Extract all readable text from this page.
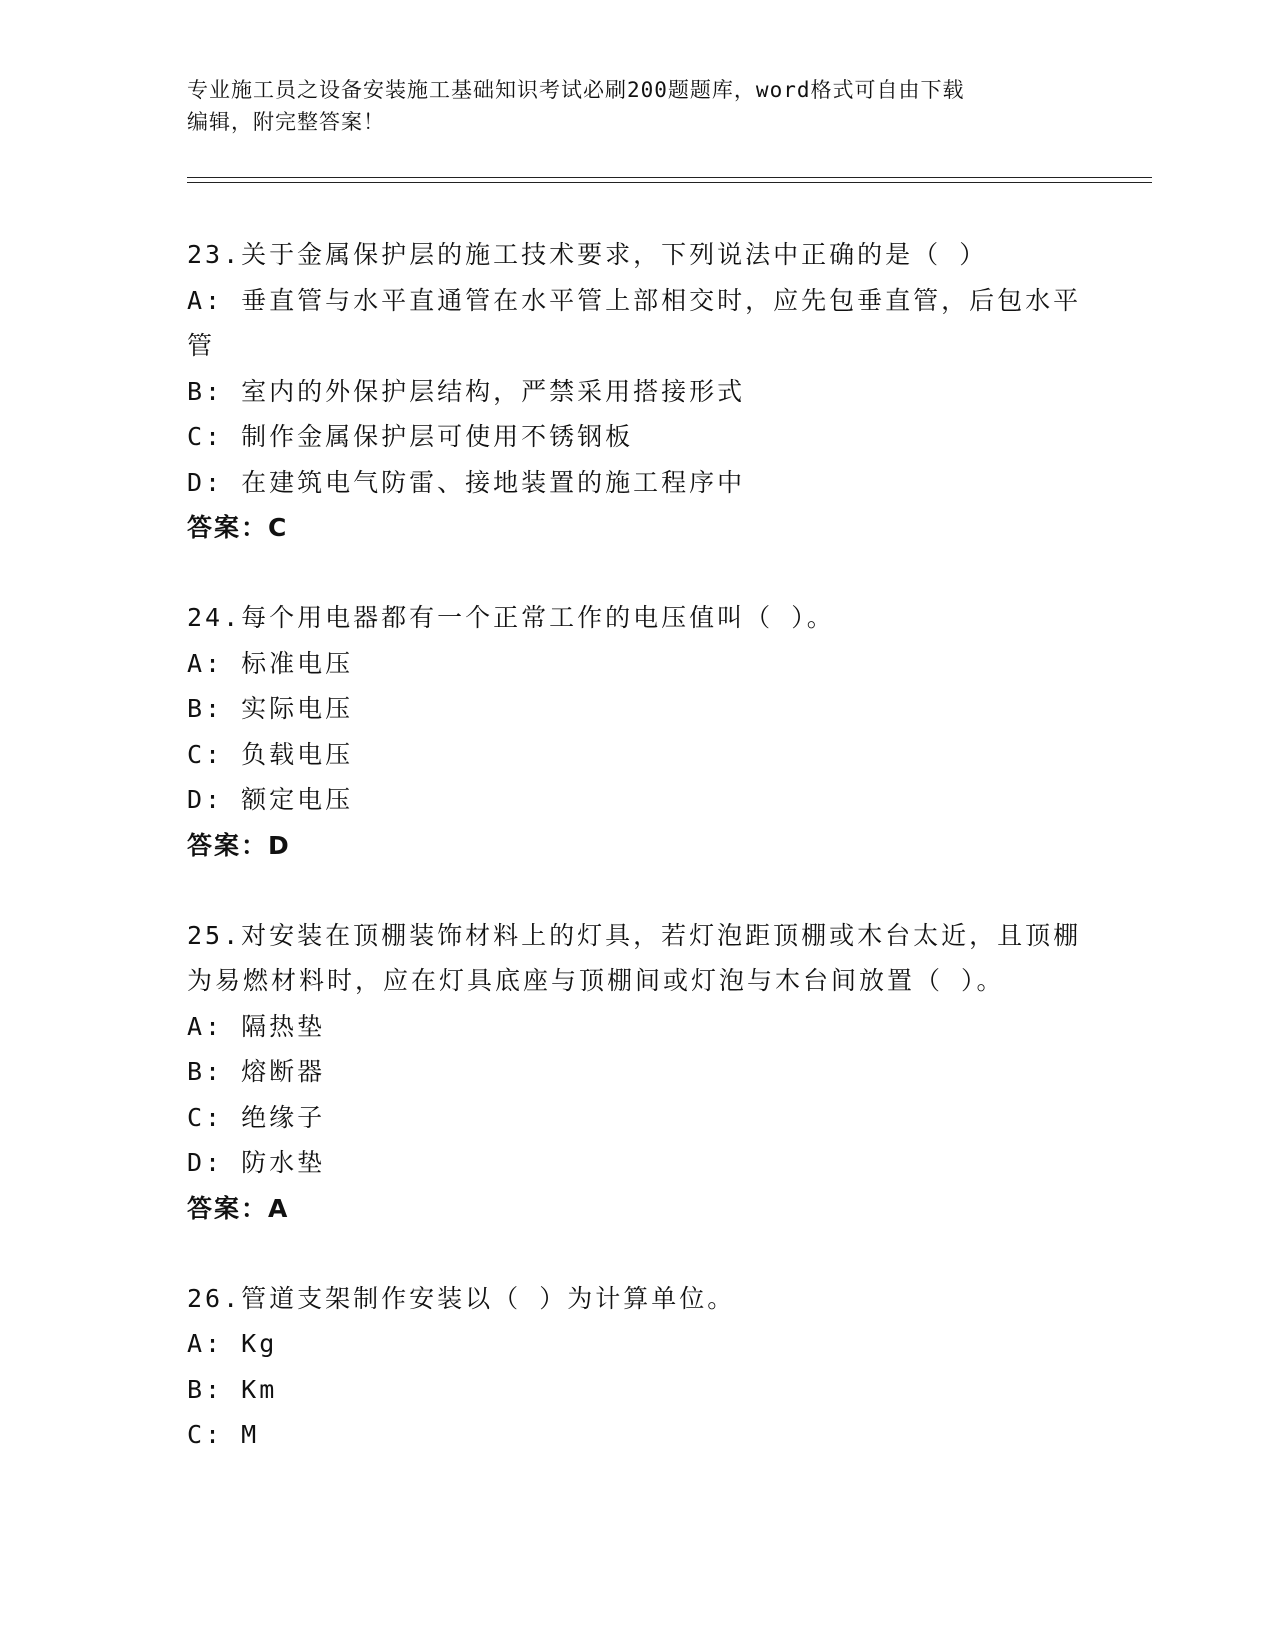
专业施工员之设备安装施工基础知识考试必刷200题题库，word格式可自由下载
编辑，附完整答案！
23.关于金属保护层的施工技术要求，下列说法中正确的是（ ）
A: 垂直管与水平直通管在水平管上部相交时，应先包垂直管，后包水平管
B: 室内的外保护层结构，严禁采用搭接形式
C: 制作金属保护层可使用不锈钢板
D: 在建筑电气防雷、接地装置的施工程序中
答案：C
24.每个用电器都有一个正常工作的电压值叫（ ）。
A: 标准电压
B: 实际电压
C: 负载电压
D: 额定电压
答案：D
25.对安装在顶棚装饰材料上的灯具，若灯泡距顶棚或木台太近，且顶棚为易燃材料时，应在灯具底座与顶棚间或灯泡与木台间放置（ ）。
A: 隔热垫
B: 熔断器
C: 绝缘子
D: 防水垫
答案：A
26.管道支架制作安装以（ ）为计算单位。
A: Kg
B: Km
C: M
